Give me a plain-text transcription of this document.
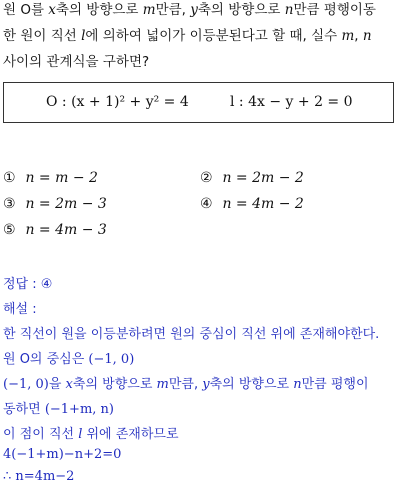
원 O를 x축의 방향으로 m만큼, y축의 방향으로 n만큼 평행이동
한 원이 직선 l에 의하여 넓이가 이등분된다고 할 때, 실수 m, n
사이의 관계식을 구하면?
O : (x + 1)² + y² = 4	l : 4x − y + 2 = 0
① n = m − 2	② n = 2m − 2
③ n = 2m − 3	④ n = 4m − 2
⑤ n = 4m − 3
정답 : ④
해설 :
한 직선이 원을 이등분하려면 원의 중심이 직선 위에 존재해야한다.
원 O의 중심은 (−1, 0)
(−1, 0)을 x축의 방향으로 m만큼, y축의 방향으로 n만큼 평행이
동하면 (−1+m, n)
이 점이 직선 l 위에 존재하므로
4(−1+m)−n+2=0
∴ n=4m−2
